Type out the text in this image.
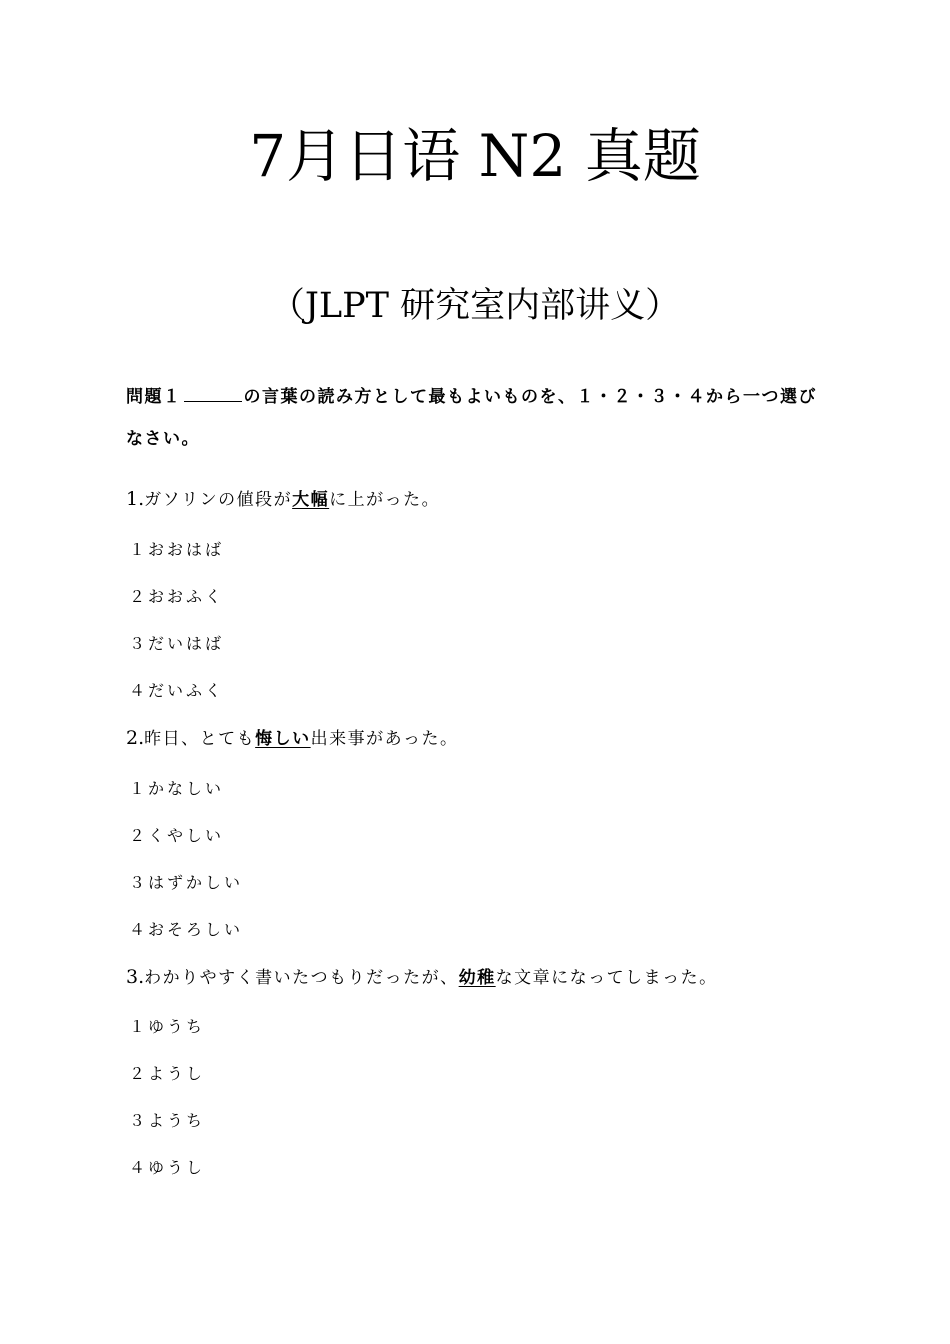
7月日语 N2 真题

（JLPT 研究室内部讲义）

問題１	の言葉の読み方として最もよいものを、１・２・３・４から一つ選びなさい。

1.ガソリンの値段が大幅に上がった。

１おおはば

２おおふく

３だいはば

４だいふく

2.昨日、とても悔しい出来事があった。

１かなしい

２くやしい

３はずかしい

４おそろしい

3.わかりやすく書いたつもりだったが、幼稚な文章になってしまった。

１ゆうち

２ようし

３ようち

４ゆうし
